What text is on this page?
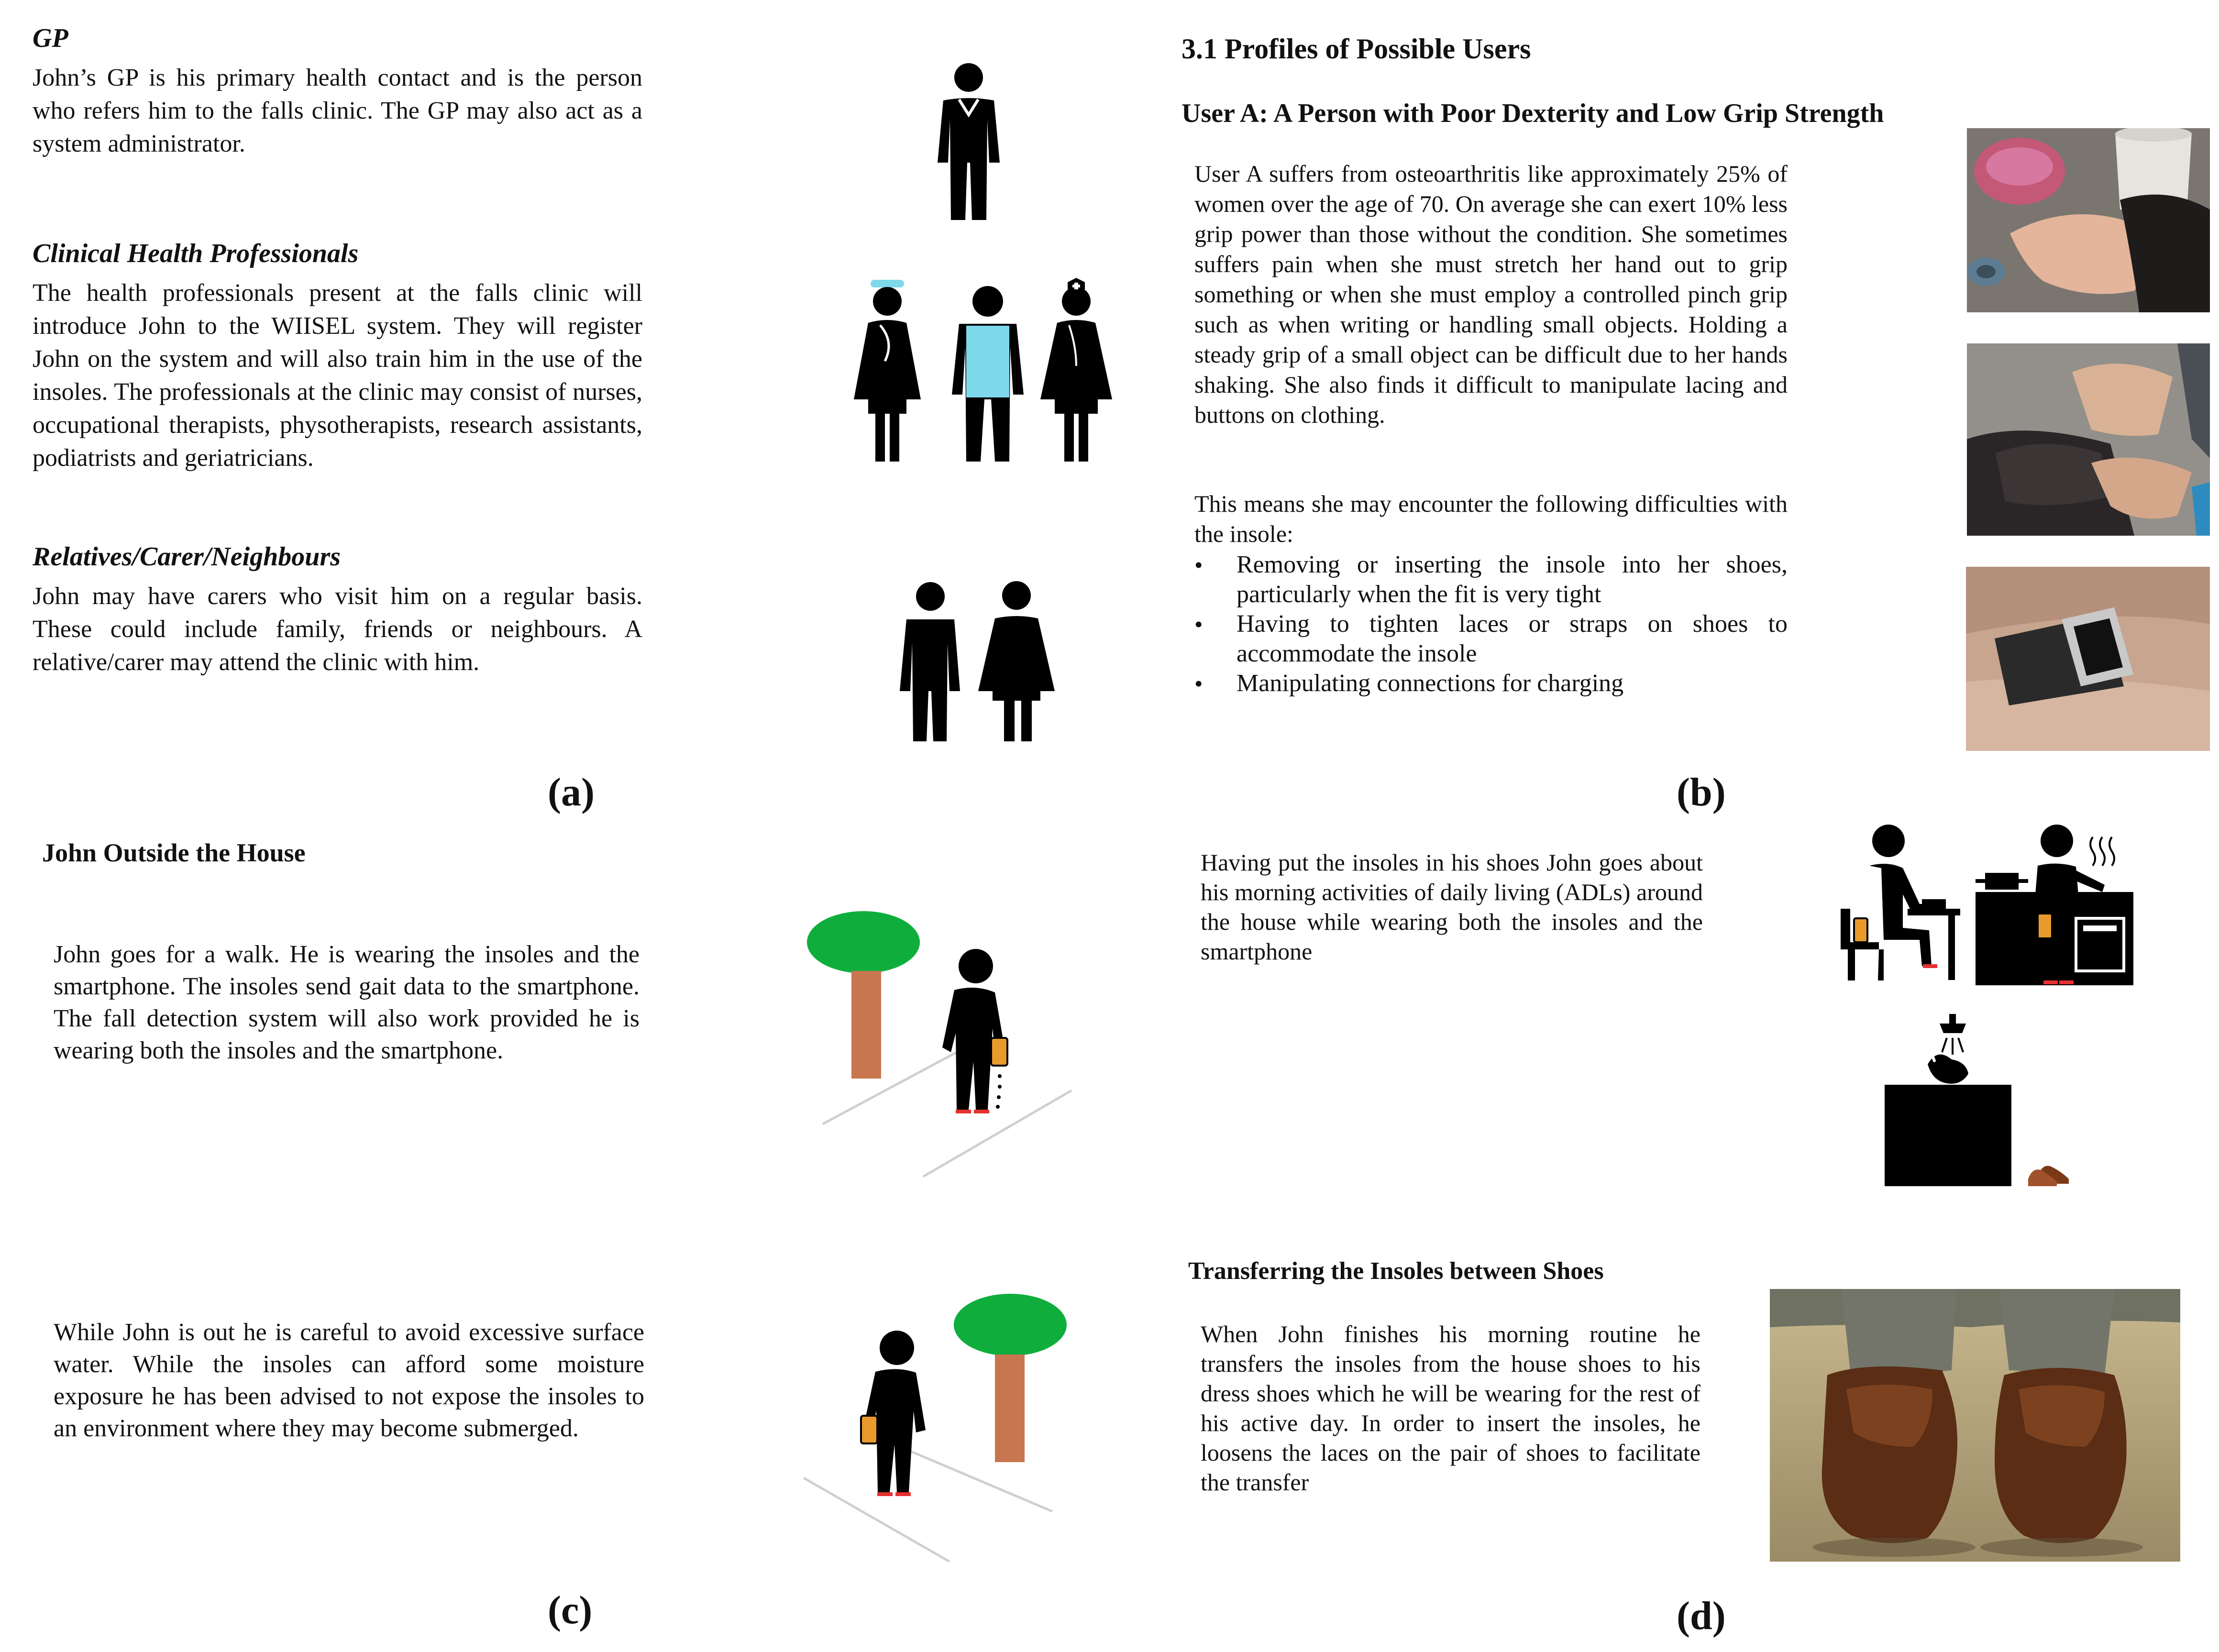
GP
John’s GP is his primary health contact and is the person who refers him to the falls clinic. The GP may also act as a system administrator.
Clinical Health Professionals
The health professionals present at the falls clinic will introduce John to the WIISEL system. They will register John on the system and will also train him in the use of the insoles. The professionals at the clinic may consist of nurses, occupational therapists, physotherapists, research assistants, podiatrists and geriatricians.
Relatives/Carer/Neighbours
John may have carers who visit him on a regular basis. These could include family, friends or neighbours. A relative/carer may attend the clinic with him.
(a)
3.1 Profiles of Possible Users
User A: A Person with Poor Dexterity and Low Grip Strength
User A suffers from osteoarthritis like approximately 25% of women over the age of 70. On average she can exert 10% less grip power than those without the condition. She sometimes suffers pain when she must stretch her hand out to grip something or when she must employ a controlled pinch grip such as when writing or handling small objects. Holding a steady grip of a small object can be difficult due to her hands shaking. She also finds it difficult to manipulate lacing and buttons on clothing.
This means she may encounter the following difficulties with the insole:
• Removing or inserting the insole into her shoes, particularly when the fit is very tight
• Having to tighten laces or straps on shoes to accommodate the insole
• Manipulating connections for charging
(b)
John Outside the House
John goes for a walk. He is wearing the insoles and the smartphone. The insoles send gait data to the smartphone. The fall detection system will also work provided he is wearing both the insoles and the smartphone.
While John is out he is careful to avoid excessive surface water. While the insoles can afford some moisture exposure he has been advised to not expose the insoles to an environment where they may become submerged.
(c)
Having put the insoles in his shoes John goes about his morning activities of daily living (ADLs) around the house while wearing both the insoles and the smartphone
Transferring the Insoles between Shoes
When John finishes his morning routine he transfers the insoles from the house shoes to his dress shoes which he will be wearing for the rest of his active day. In order to insert the insoles, he loosens the laces on the pair of shoes to facilitate the transfer
(d)
